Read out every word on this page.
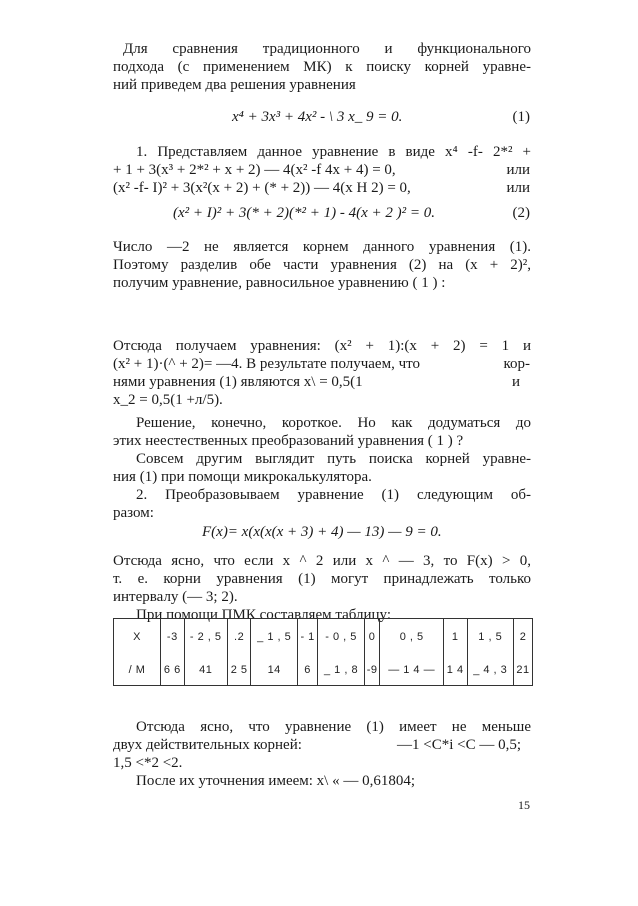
Для сравнения традиционного и функционального
подхода (с применением МК) к поиску корней уравне-
ний приведем два решения уравнения
x⁴ + 3x³ + 4x² - \ 3 x_ 9 = 0.	(1)
1. Представляем данное уравнение в виде x⁴ -f- 2*² +
+ 1 + 3(x³ + 2*² + x + 2) — 4(x² -f 4x + 4) = 0,	или
(x² -f- I)² + 3(x²(x + 2) + (* + 2)) — 4(x H 2) = 0,	или
(x² + I)² + 3(* + 2)(*² + 1) - 4(x + 2 )² = 0.	(2)
Число —2 не является корнем данного уравнения (1).
Поэтому разделив обе части уравнения (2) на (x + 2)²,
получим уравнение, равносильное уравнению ( 1 ) :
Отсюда получаем уравнения: (x² + 1):(x + 2) = 1 и
(x² + 1)·(^ + 2)= —4. В результате получаем, что	кор-
нями уравнения (1) являются x\ = 0,5(1	и
x_2 = 0,5(1 +л/5).
Решение, конечно, короткое. Но как додуматься до
этих неестественных преобразований уравнения ( 1 ) ?
Совсем другим выглядит путь поиска корней уравне-
ния (1) при помощи микрокалькулятора.
2. Преобразовываем уравнение (1) следующим об-
разом:
F(x)= x(x(x(x + 3) + 4) — 13) — 9 = 0.
Отсюда ясно, что если x ^ 2 или x ^ — 3, то F(x) > 0,
т. е. корни уравнения (1) могут принадлежать только
интервалу (— 3; 2).
При помощи ПМК составляем таблицу:
X	-3	- 2 , 5	.2	_ 1 , 5	- 1	- 0 , 5	0	0 , 5	1	1 , 5	2
/ M	6 6	41	2 5	14	6	_ 1 , 8	-9	— 1 4 —	1 4	_ 4 , 3	21
Отсюда ясно, что уравнение (1) имеет не меньше
двух действительных корней:	—1 <C*i <C — 0,5;
1,5 <*2 <2.
После их уточнения имеем: x\ « — 0,61804;
15
